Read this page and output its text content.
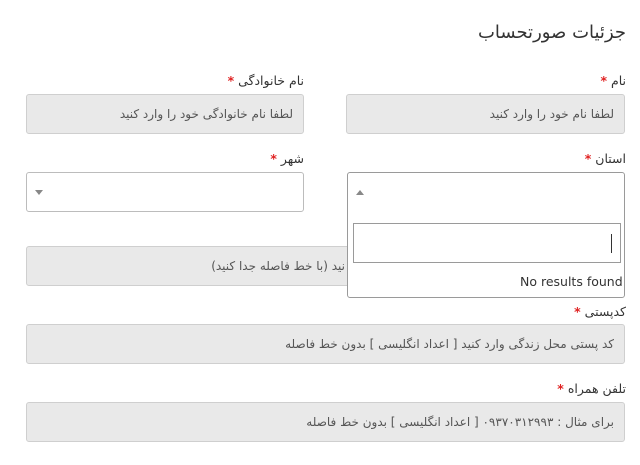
جزئیات صورتحساب
نام *
لطفا نام خود را وارد کنید
نام خانوادگی *
لطفا نام خانوادگی خود را وارد کنید
استان *
شهر *
نید (با خط فاصله جدا کنید)
No results found
کدپستی *
کد پستی محل زندگی وارد کنید [ اعداد انگلیسی ] بدون خط فاصله
تلفن همراه *
برای مثال : ۰۹۳۷۰۳۱۲۹۹۳ [ اعداد انگلیسی ] بدون خط فاصله
